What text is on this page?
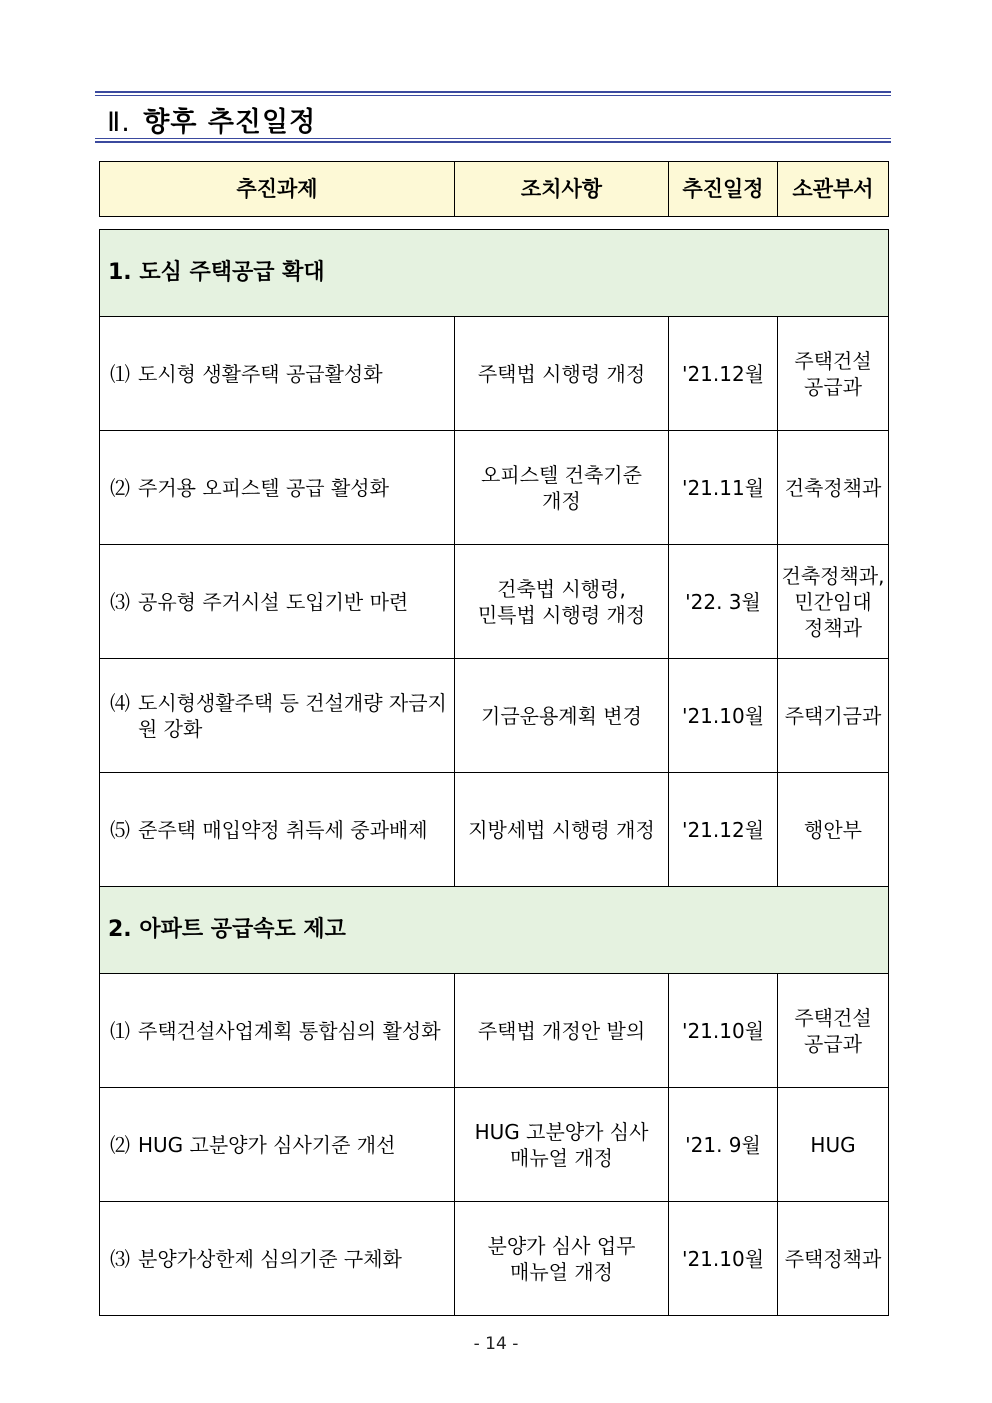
Ⅱ. 향후 추진일정
추진과제	조치사항	추진일정	소관부서

1. 도심 주택공급 확대			

⑴ 도시형 생활주택 공급활성화	주택법 시행령 개정	'21.12월	주택건설
공급과

⑵ 주거용 오피스텔 공급 활성화	오피스텔 건축기준
개정	'21.11월	건축정책과

⑶ 공유형 주거시설 도입기반 마련	건축법 시행령,
민특법 시행령 개정	'22. 3월	건축정책과,
민간임대
정책과

⑷ 도시형생활주택 등 건설개량 자금지원 강화	기금운용계획 변경	'21.10월	주택기금과

⑸ 준주택 매입약정 취득세 중과배제	지방세법 시행령 개정	'21.12월	행안부
2. 아파트 공급속도 제고			

⑴ 주택건설사업계획 통합심의 활성화	주택법 개정안 발의	'21.10월	주택건설
공급과

⑵ HUG 고분양가 심사기준 개선	HUG 고분양가 심사
매뉴얼 개정	'21. 9월	HUG

⑶ 분양가상한제 심의기준 구체화	분양가 심사 업무
매뉴얼 개정	'21.10월	주택정책과
- 14 -
